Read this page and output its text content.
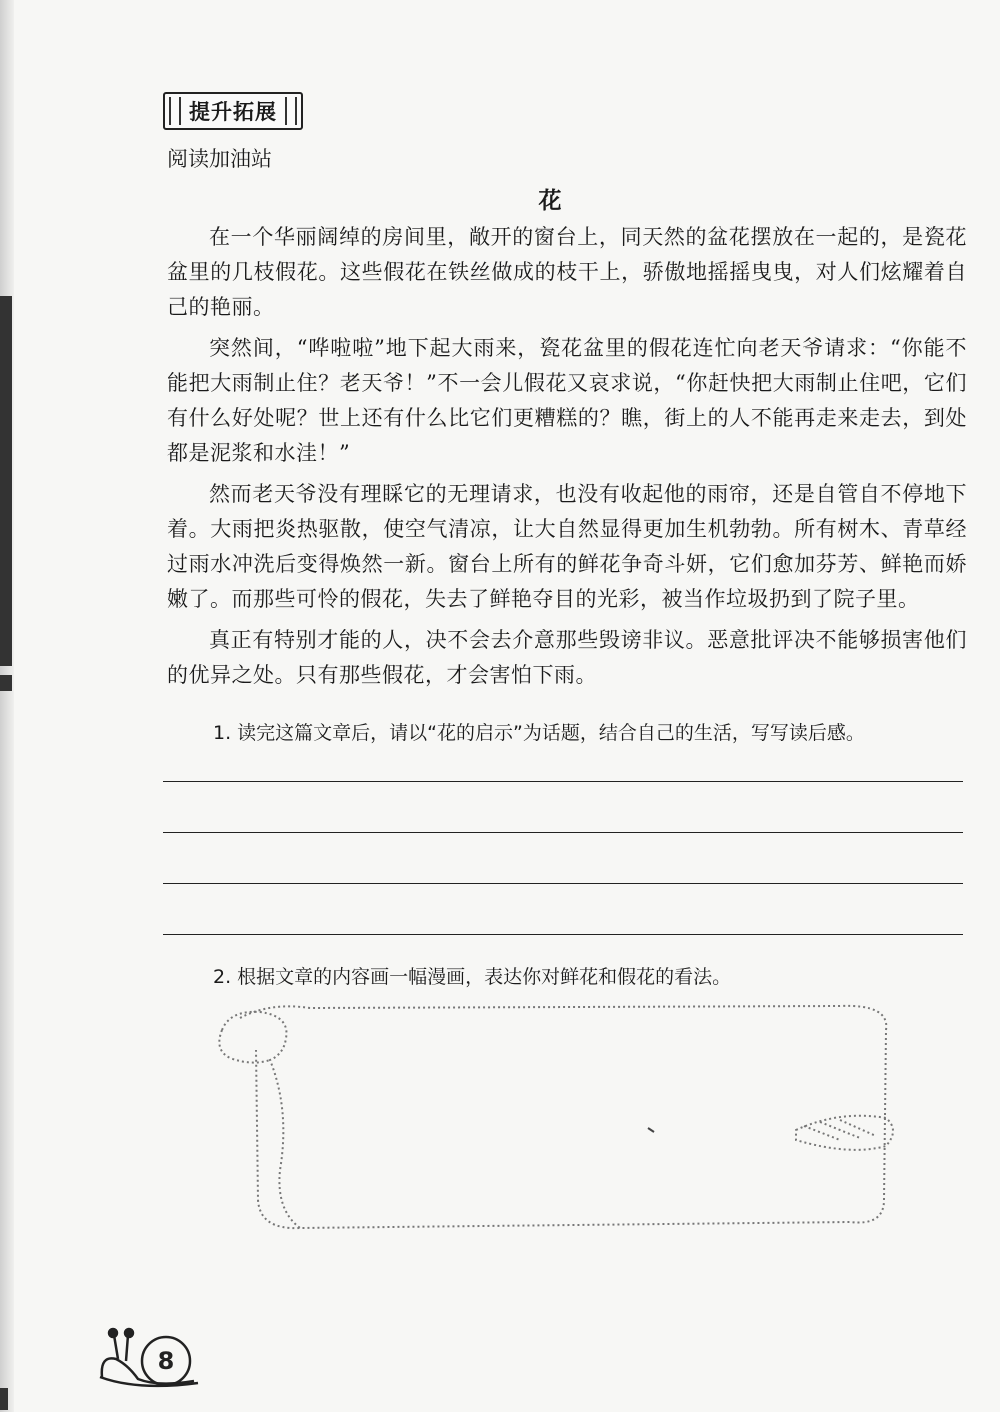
提升拓展
阅读加油站
花

在一个华丽阔绰的房间里，敞开的窗台上，同天然的盆花摆放在一起的，是瓷花盆里的几枝假花。这些假花在铁丝做成的枝干上，骄傲地摇摇曳曳，对人们炫耀着自己的艳丽。

突然间，“哗啦啦”地下起大雨来，瓷花盆里的假花连忙向老天爷请求：“你能不能把大雨制止住？老天爷！”不一会儿假花又哀求说，“你赶快把大雨制止住吧，它们有什么好处呢？世上还有什么比它们更糟糕的？瞧，街上的人不能再走来走去，到处都是泥浆和水洼！”

然而老天爷没有理睬它的无理请求，也没有收起他的雨帘，还是自管自不停地下着。大雨把炎热驱散，使空气清凉，让大自然显得更加生机勃勃。所有树木、青草经过雨水冲洗后变得焕然一新。窗台上所有的鲜花争奇斗妍，它们愈加芬芳、鲜艳而娇嫩了。而那些可怜的假花，失去了鲜艳夺目的光彩，被当作垃圾扔到了院子里。

真正有特别才能的人，决不会去介意那些毁谤非议。恶意批评决不能够损害他们的优异之处。只有那些假花，才会害怕下雨。

1. 读完这篇文章后，请以“花的启示”为话题，结合自己的生活，写写读后感。
2. 根据文章的内容画一幅漫画，表达你对鲜花和假花的看法。
8
